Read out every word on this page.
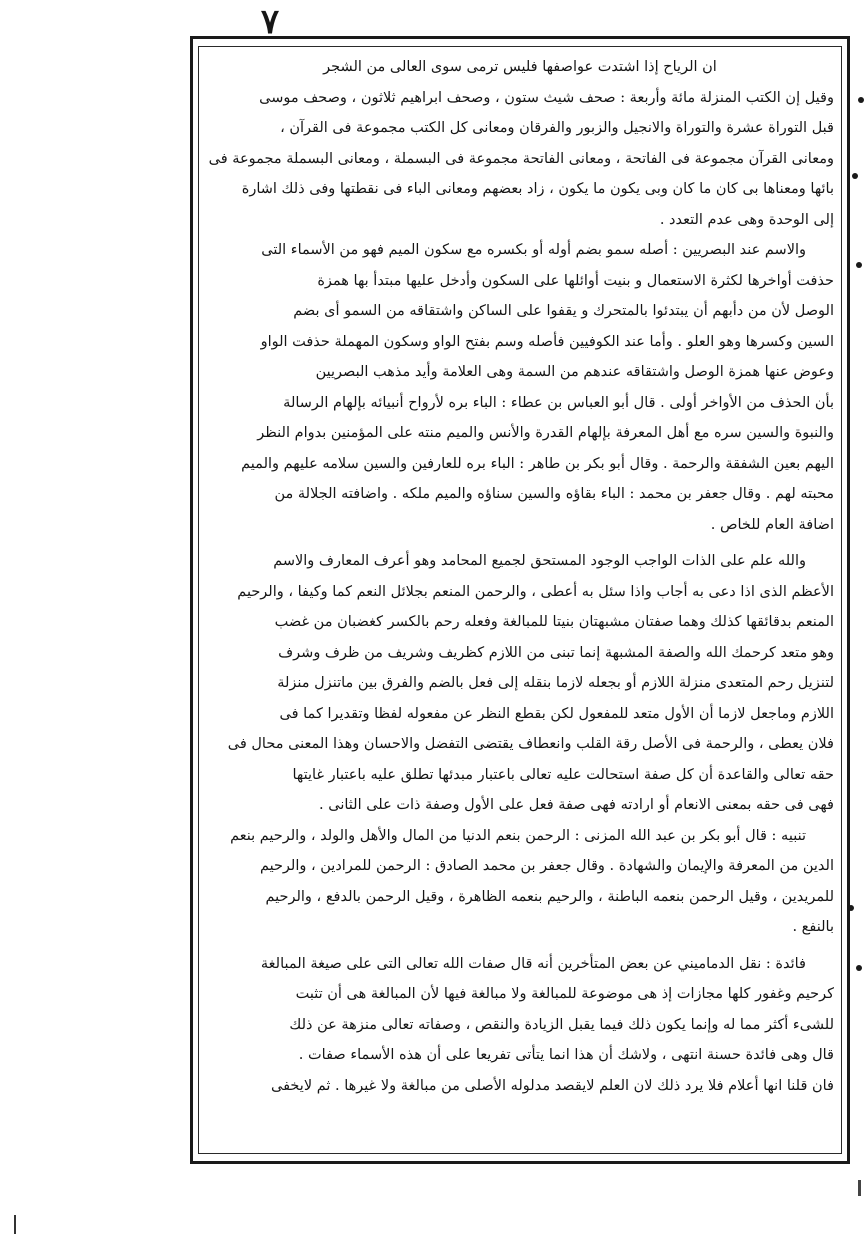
٧
ان الرياح إذا اشتدت عواصفها فليس ترمى سوى العالى من الشجر
وقيل إن الكتب المنزلة مائة وأربعة : صحف شيث ستون ، وصحف ابراهيم ثلاثون ، وصحف موسى
قبل التوراة عشرة والتوراة والانجيل والزبور والفرقان ومعانى كل الكتب مجموعة فى القرآن ،
ومعانى القرآن مجموعة فى الفاتحة ، ومعانى الفاتحة مجموعة فى البسملة ، ومعانى البسملة مجموعة فى
بائها ومعناها بى كان ما كان وبى يكون ما يكون ، زاد بعضهم ومعانى الباء فى نقطتها وفى ذلك اشارة
إلى الوحدة وهى عدم التعدد .
والاسم عند البصريين : أصله سمو بضم أوله أو بكسره مع سكون الميم فهو من الأسماء التى
حذفت أواخرها لكثرة الاستعمال و بنيت أوائلها على السكون وأدخل عليها مبتدأ بها همزة
الوصل لأن من دأبهم أن يبتدئوا بالمتحرك و يقفوا على الساكن واشتقاقه من السمو أى بضم
السين وكسرها وهو العلو . وأما عند الكوفيين فأصله وسم بفتح الواو وسكون المهملة حذفت الواو
وعوض عنها همزة الوصل واشتقاقه عندهم من السمة وهى العلامة وأيد مذهب البصريين
بأن الحذف من الأواخر أولى . قال أبو العباس بن عطاء : الباء بره لأرواح أنبيائه بإلهام الرسالة
والنبوة والسين سره مع أهل المعرفة بإلهام القدرة والأنس والميم منته على المؤمنين بدوام النظر
اليهم بعين الشفقة والرحمة . وقال أبو بكر بن طاهر : الباء بره للعارفين والسين سلامه عليهم والميم
محبته لهم . وقال جعفر بن محمد : الباء بقاؤه والسين سناؤه والميم ملكه . واضافته الجلالة من
اضافة العام للخاص .
والله علم على الذات الواجب الوجود المستحق لجميع المحامد وهو أعرف المعارف والاسم
الأعظم الذى اذا دعى به أجاب واذا سئل به أعطى ، والرحمن المنعم بجلائل النعم كما وكيفا ، والرحيم
المنعم بدقائقها كذلك وهما صفتان مشبهتان بنيتا للمبالغة وفعله رحم بالكسر كغضبان من غضب
وهو متعد كرحمك الله والصفة المشبهة إنما تبنى من اللازم كظريف وشريف من ظرف وشرف
لتنزيل رحم المتعدى منزلة اللازم أو بجعله لازما بنقله إلى فعل بالضم والفرق بين ماتنزل منزلة
اللازم وماجعل لازما أن الأول متعد للمفعول لكن بقطع النظر عن مفعوله لفظا وتقديرا كما فى
فلان يعطى ، والرحمة فى الأصل رقة القلب وانعطاف يقتضى التفضل والاحسان وهذا المعنى محال فى
حقه تعالى والقاعدة أن كل صفة استحالت عليه تعالى باعتبار مبدئها تطلق عليه باعتبار غايتها
فهى فى حقه بمعنى الانعام أو ارادته فهى صفة فعل على الأول وصفة ذات على الثانى .
تنبيه : قال أبو بكر بن عبد الله المزنى : الرحمن بنعم الدنيا من المال والأهل والولد ، والرحيم بنعم
الدين من المعرفة والإيمان والشهادة . وقال جعفر بن محمد الصادق : الرحمن للمرادين ، والرحيم
للمريدين ، وقيل الرحمن بنعمه الباطنة ، والرحيم بنعمه الظاهرة ، وقيل الرحمن بالدفع ، والرحيم
بالنفع .
فائدة : نقل الدماميني عن بعض المتأخرين أنه قال صفات الله تعالى التى على صيغة المبالغة
كرحيم وغفور كلها مجازات إذ هى موضوعة للمبالغة ولا مبالغة فيها لأن المبالغة هى أن تثبت
للشىء أكثر مما له وإنما يكون ذلك فيما يقبل الزيادة والنقص ، وصفاته تعالى منزهة عن ذلك
قال وهى فائدة حسنة انتهى ، ولاشك أن هذا انما يتأتى تفريعا على أن هذه الأسماء صفات .
فان قلنا انها أعلام فلا يرد ذلك لان العلم لايقصد مدلوله الأصلى من مبالغة ولا غيرها . ثم لايخفى
